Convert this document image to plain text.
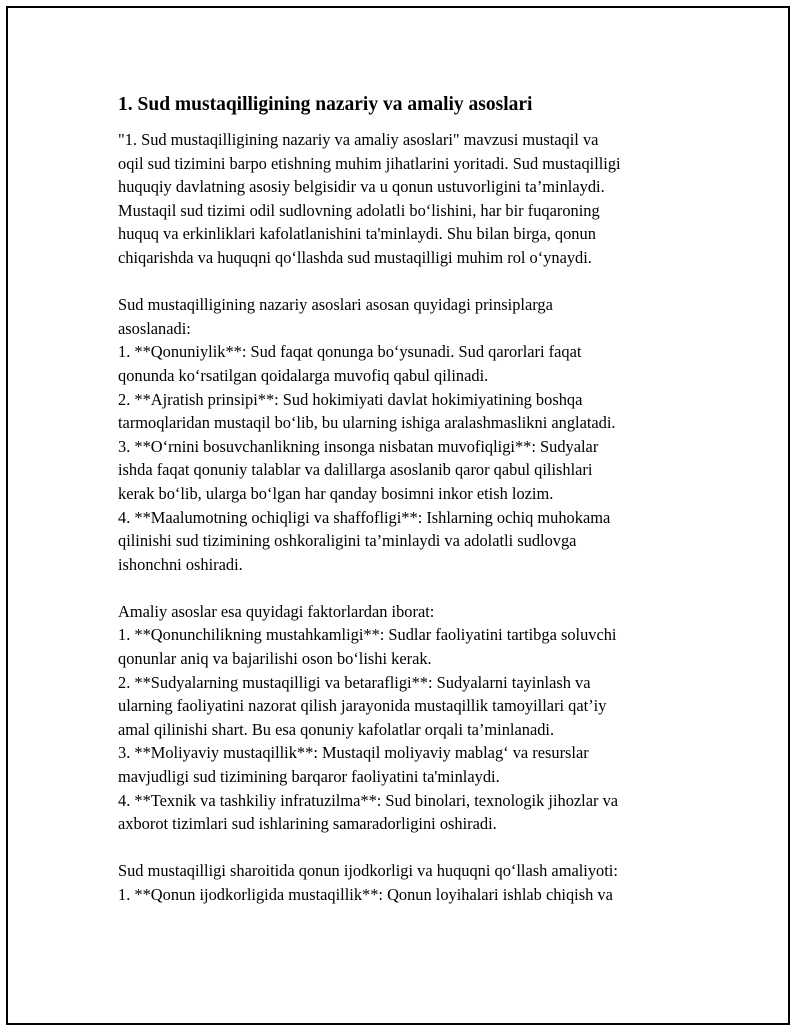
1. Sud mustaqilligining nazariy va amaliy asoslari
"1. Sud mustaqilligining nazariy va amaliy asoslari" mavzusi mustaqil va
oqil sud tizimini barpo etishning muhim jihatlarini yoritadi. Sud mustaqilligi
huquqiy davlatning asosiy belgisidir va u qonun ustuvorligini ta’minlaydi.
Mustaqil sud tizimi odil sudlovning adolatli bo‘lishini, har bir fuqaroning
huquq va erkinliklari kafolatlanishini ta'minlaydi. Shu bilan birga, qonun
chiqarishda va huquqni qo‘llashda sud mustaqilligi muhim rol o‘ynaydi.
Sud mustaqilligining nazariy asoslari asosan quyidagi prinsiplarga
asoslanadi:
1. **Qonuniylik**: Sud faqat qonunga bo‘ysunadi. Sud qarorlari faqat
qonunda ko‘rsatilgan qoidalarga muvofiq qabul qilinadi.
2. **Ajratish prinsipi**: Sud hokimiyati davlat hokimiyatining boshqa
tarmoqlaridan mustaqil bo‘lib, bu ularning ishiga aralashmaslikni anglatadi.
3. **O‘rnini bosuvchanlikning insonga nisbatan muvofiqligi**: Sudyalar
ishda faqat qonuniy talablar va dalillarga asoslanib qaror qabul qilishlari
kerak bo‘lib, ularga bo‘lgan har qanday bosimni inkor etish lozim.
4. **Maalumotning ochiqligi va shaffofligi**: Ishlarning ochiq muhokama
qilinishi sud tizimining oshkoraligini ta’minlaydi va adolatli sudlovga
ishonchni oshiradi.
Amaliy asoslar esa quyidagi faktorlardan iborat:
1. **Qonunchilikning mustahkamligi**: Sudlar faoliyatini tartibga soluvchi
qonunlar aniq va bajarilishi oson bo‘lishi kerak.
2. **Sudyalarning mustaqilligi va betarafligi**: Sudyalarni tayinlash va
ularning faoliyatini nazorat qilish jarayonida mustaqillik tamoyillari qat’iy
amal qilinishi shart. Bu esa qonuniy kafolatlar orqali ta’minlanadi.
3. **Moliyaviy mustaqillik**: Mustaqil moliyaviy mablag‘ va resurslar
mavjudligi sud tizimining barqaror faoliyatini ta'minlaydi.
4. **Texnik va tashkiliy infratuzilma**: Sud binolari, texnologik jihozlar va
axborot tizimlari sud ishlarining samaradorligini oshiradi.
Sud mustaqilligi sharoitida qonun ijodkorligi va huquqni qo‘llash amaliyoti:
1. **Qonun ijodkorligida mustaqillik**: Qonun loyihalari ishlab chiqish va
